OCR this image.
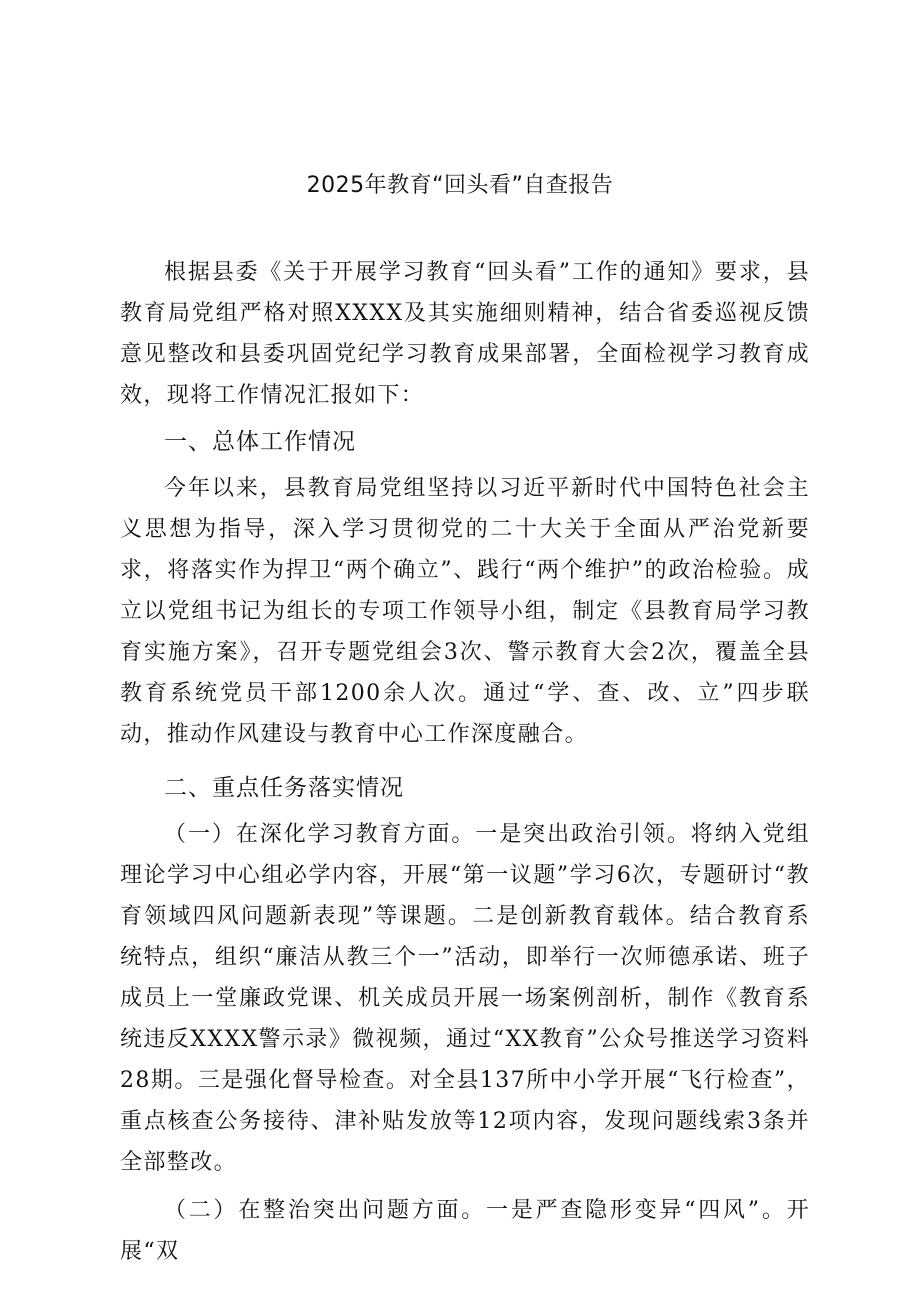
2025年教育“回头看”自查报告

根据县委《关于开展学习教育“回头看”工作的通知》要求，县教育局党组严格对照XXXX及其实施细则精神，结合省委巡视反馈意见整改和县委巩固党纪学习教育成果部署，全面检视学习教育成效，现将工作情况汇报如下：

一、总体工作情况

今年以来，县教育局党组坚持以习近平新时代中国特色社会主义思想为指导，深入学习贯彻党的二十大关于全面从严治党新要求，将落实作为捍卫“两个确立”、践行“两个维护”的政治检验。成立以党组书记为组长的专项工作领导小组，制定《县教育局学习教育实施方案》，召开专题党组会3次、警示教育大会2次，覆盖全县教育系统党员干部1200余人次。通过“学、查、改、立”四步联动，推动作风建设与教育中心工作深度融合。

二、重点任务落实情况

（一）在深化学习教育方面。一是突出政治引领。将纳入党组理论学习中心组必学内容，开展“第一议题”学习6次，专题研讨“教育领域四风问题新表现”等课题。二是创新教育载体。结合教育系统特点，组织“廉洁从教三个一”活动，即举行一次师德承诺、班子成员上一堂廉政党课、机关成员开展一场案例剖析，制作《教育系统违反XXXX警示录》微视频，通过“XX教育”公众号推送学习资料28期。三是强化督导检查。对全县137所中小学开展“飞行检查”，重点核查公务接待、津补贴发放等12项内容，发现问题线索3条并全部整改。

（二）在整治突出问题方面。一是严查隐形变异“四风”。开展“双
